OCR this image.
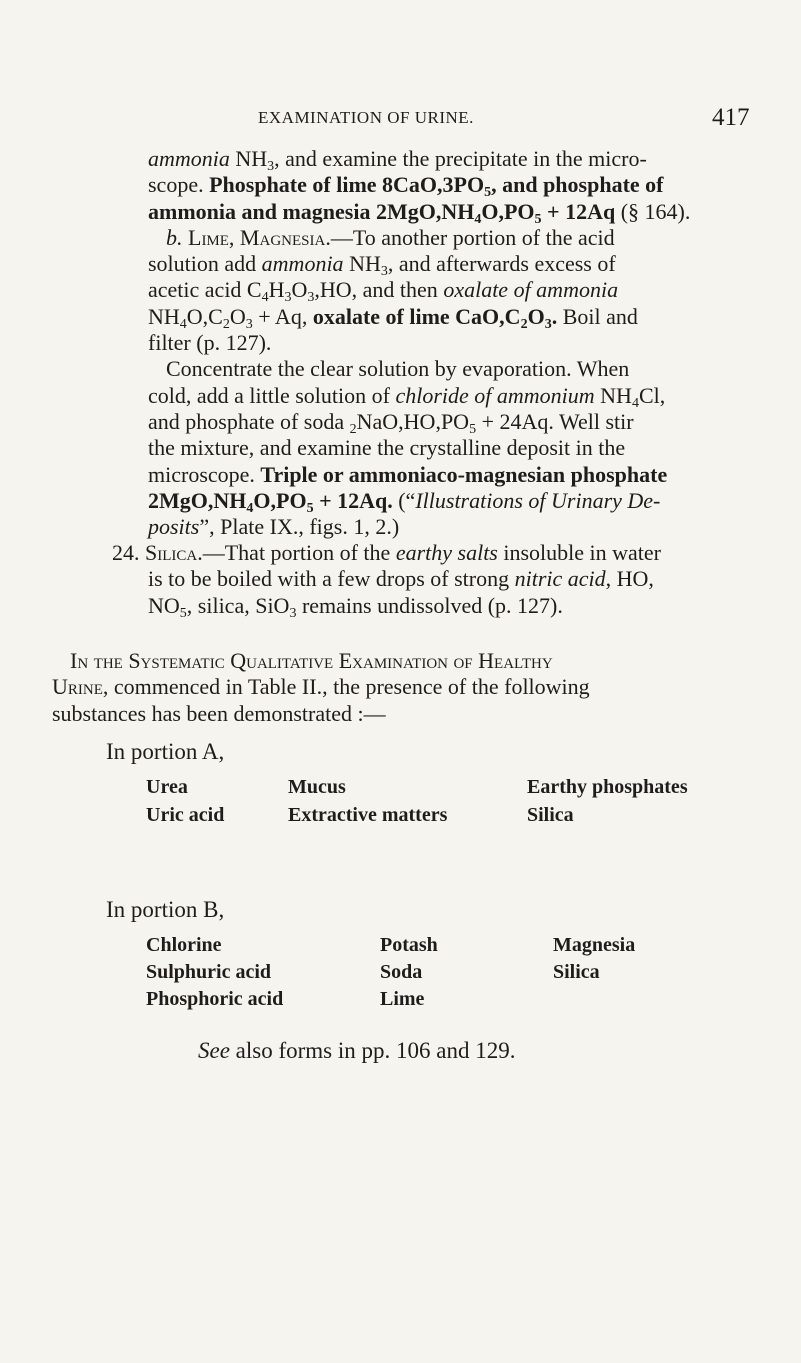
EXAMINATION OF URINE.	417
ammonia $NH_3$, and examine the precipitate in the micro-
scope. Phosphate of lime $8CaO,3PO_5$, and phosphate of
ammonia and magnesia $2MgO,NH_4O,PO_5 + 12Aq$ (§ 164).
b. Lime, Magnesia.—To another portion of the acid
solution add ammonia $NH_3$, and afterwards excess of
acetic acid $C_4H_3O_3,HO$, and then oxalate of ammonia
$NH_4O,C_2O_3 + Aq$, oxalate of lime $CaO,C_2O_3$. Boil and
filter (p. 127).
Concentrate the clear solution by evaporation. When
cold, add a little solution of chloride of ammonium $NH_4Cl$,
and phosphate of soda $_2NaO,HO,PO_5 + 24Aq$. Well stir
the mixture, and examine the crystalline deposit in the
microscope. Triple or ammoniaco-magnesian phosphate
$2MgO,NH_4O,PO_5 + 12Aq$. (“Illustrations of Urinary De-
posits”, Plate IX., figs. 1, 2.)
24. Silica.—That portion of the earthy salts insoluble in water
is to be boiled with a few drops of strong nitric acid, HO,
$NO_5$, silica, SiO$_3$ remains undissolved (p. 127).
In the Systematic Qualitative Examination of Healthy
Urine, commenced in Table II., the presence of the following
substances has been demonstrated :—
In portion A,
Urea	Mucus	Earthy phosphates
Uric acid	Extractive matters	Silica
In portion B,
Chlorine	Potash	Magnesia
Sulphuric acid	Soda	Silica
Phosphoric acid	Lime
See also forms in pp. 106 and 129.
